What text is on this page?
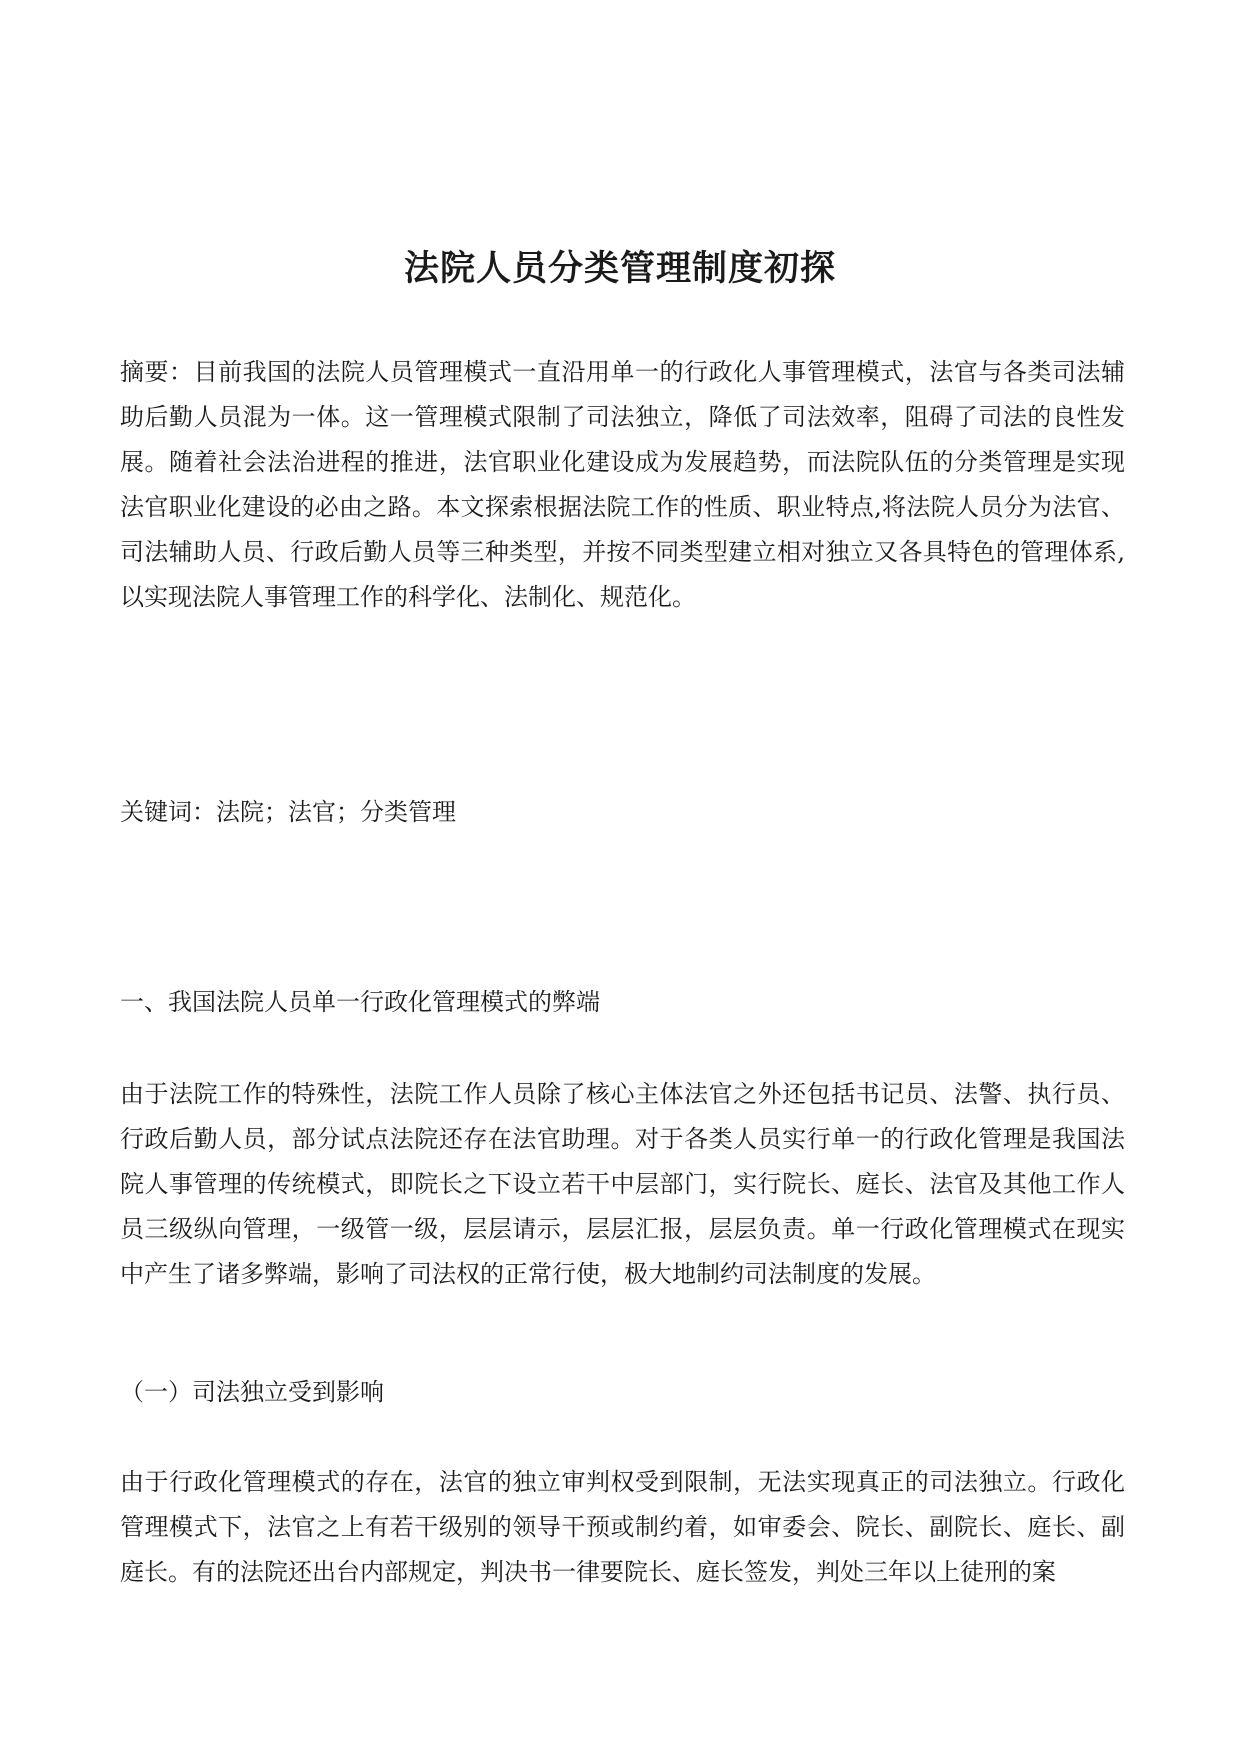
法院人员分类管理制度初探

摘要：目前我国的法院人员管理模式一直沿用单一的行政化人事管理模式，法官与各类司法辅助后勤人员混为一体。这一管理模式限制了司法独立，降低了司法效率，阻碍了司法的良性发展。随着社会法治进程的推进，法官职业化建设成为发展趋势，而法院队伍的分类管理是实现法官职业化建设的必由之路。本文探索根据法院工作的性质、职业特点,将法院人员分为法官、司法辅助人员、行政后勤人员等三种类型，并按不同类型建立相对独立又各具特色的管理体系,以实现法院人事管理工作的科学化、法制化、规范化。

关键词：法院；法官；分类管理

一、我国法院人员单一行政化管理模式的弊端

由于法院工作的特殊性，法院工作人员除了核心主体法官之外还包括书记员、法警、执行员、行政后勤人员，部分试点法院还存在法官助理。对于各类人员实行单一的行政化管理是我国法院人事管理的传统模式，即院长之下设立若干中层部门，实行院长、庭长、法官及其他工作人员三级纵向管理，一级管一级，层层请示，层层汇报，层层负责。单一行政化管理模式在现实中产生了诸多弊端，影响了司法权的正常行使，极大地制约司法制度的发展。

（一）司法独立受到影响

由于行政化管理模式的存在，法官的独立审判权受到限制，无法实现真正的司法独立。行政化管理模式下，法官之上有若干级别的领导干预或制约着，如审委会、院长、副院长、庭长、副庭长。有的法院还出台内部规定，判决书一律要院长、庭长签发，判处三年以上徒刑的案
